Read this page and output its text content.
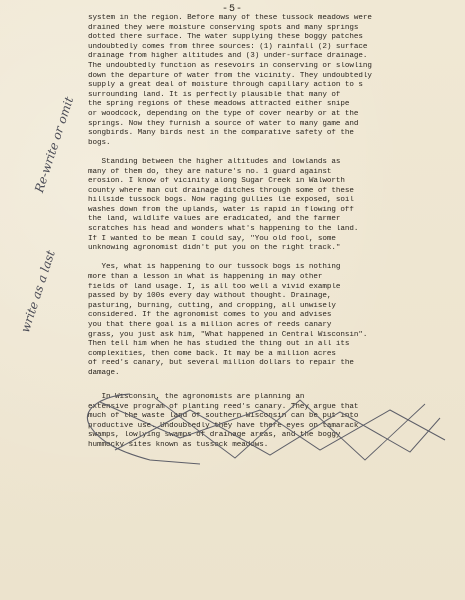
-5-
system in the region. Before many of these tussock meadows were
drained they were moisture conserving spots and many springs
dotted there surface. The water supplying these boggy patches
undoubtedly comes from three sources: (1) rainfall (2) surface
drainage from higher altitudes and (3) under-surface drainage.
The undoubtedly function as resevoirs in conserving or slowling
down the departure of water from the vicinity. They undoubtedly
supply a great deal of moisture through capillary action to s
surrounding land. It is perfectly plausible that many of
the spring regions of these meadows attracted either snipe
or woodcock, depending on the type of cover nearby or at the
springs. Now they furnish a source of water to many game and
songbirds. Many birds nest in the comparative safety of the
bogs.
Standing between the higher altitudes and lowlands as
many of them do, they are nature's no. 1 guard against
erosion. I know of vicinity along Sugar Creek in Walworth
county where man cut drainage ditches through some of these
hillside tussock bogs. Now raging gullies lie exposed, soil
washes down from the uplands, water is rapid in flowing off
the land, wildlife values are eradicated, and the farmer
scratches his head and wonders what's happening to the land.
If I wanted to be mean I could say, "You old fool, some
unknowing agronomist didn't put you on the right track."
Yes, what is happening to our tussock bogs is nothing
more than a lesson in what is happening in may other
fields of land usage. I, is all too well a vivid example
passed by by 100s every day without thought. Drainage,
pasturing, burning, cutting, and cropping, all unwisely
considered. If the agronomist comes to you and advises
you that there goal is a million acres of reeds canary
grass, you just ask him, "What happened in Central Wisconsin".
Then tell him when he has studied the thing out in all its
complexities, then come back. It may be a million acres
of reed's canary, but several million dollars to repair the
damage.
In Wisconsin, the agronomists are planning an
extensive program of planting reed's canary. They argue that
much of the waste land of southern Wisconsin can be put into
productive use. Undoubtedly they have there eyes on tamarack
swamps, lowlying swamps of drainage areas, and the boggy
hummocky sites known as tussock meadows.
Re-write or omit
write as a last
